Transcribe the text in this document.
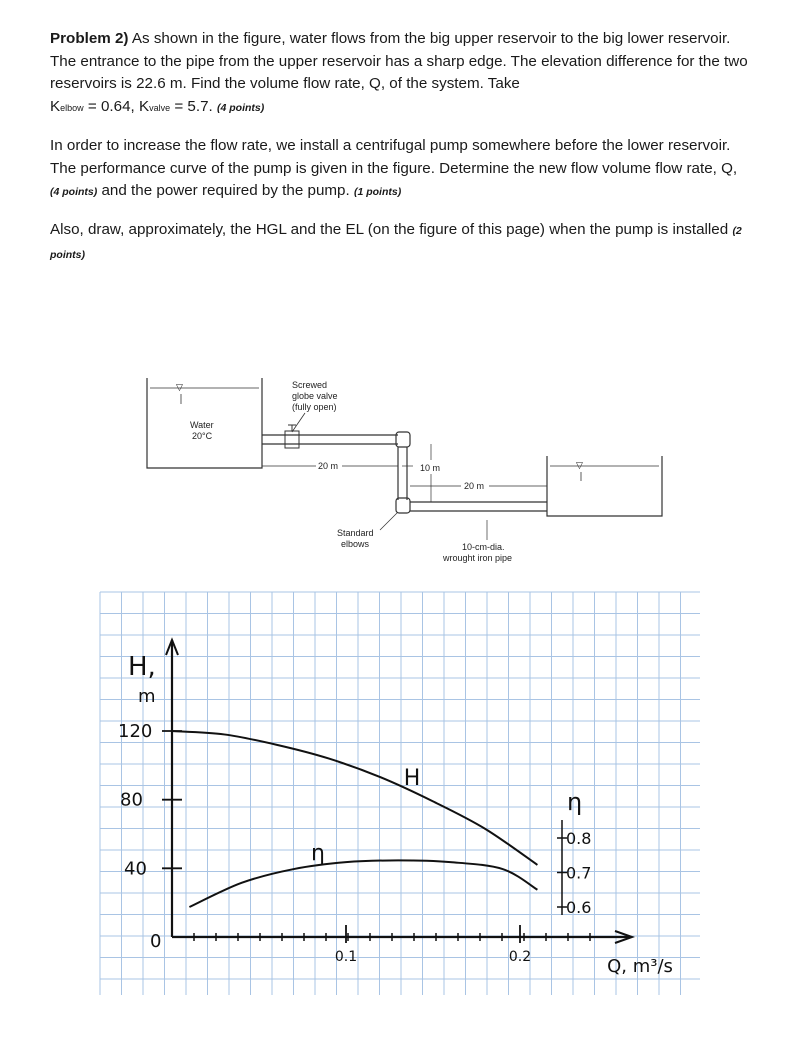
Problem 2) As shown in the figure, water flows from the big upper reservoir to the big lower reservoir. The entrance to the pipe from the upper reservoir has a sharp edge. The elevation difference for the two reservoirs is 22.6 m. Find the volume flow rate, Q, of the system. Take
Kelbow = 0.64, Kvalve = 5.7. (4 points)
In order to increase the flow rate, we install a centrifugal pump somewhere before the lower reservoir. The performance curve of the pump is given in the figure. Determine the new flow volume flow rate, Q, (4 points) and the power required by the pump. (1 points)
Also, draw, approximately, the HGL and the EL (on the figure of this page) when the pump is installed (2 points)
▽
Water
20°C
Screwed
globe valve
(fully open)
▽
20 m	10 m
20 m
Standard
elbows	10-cm-dia.
wrought iron pipe
H,
m
120
80
40
0
0.1	0.2	Q, m³/s
η
0.8
0.7
0.6
H
η
